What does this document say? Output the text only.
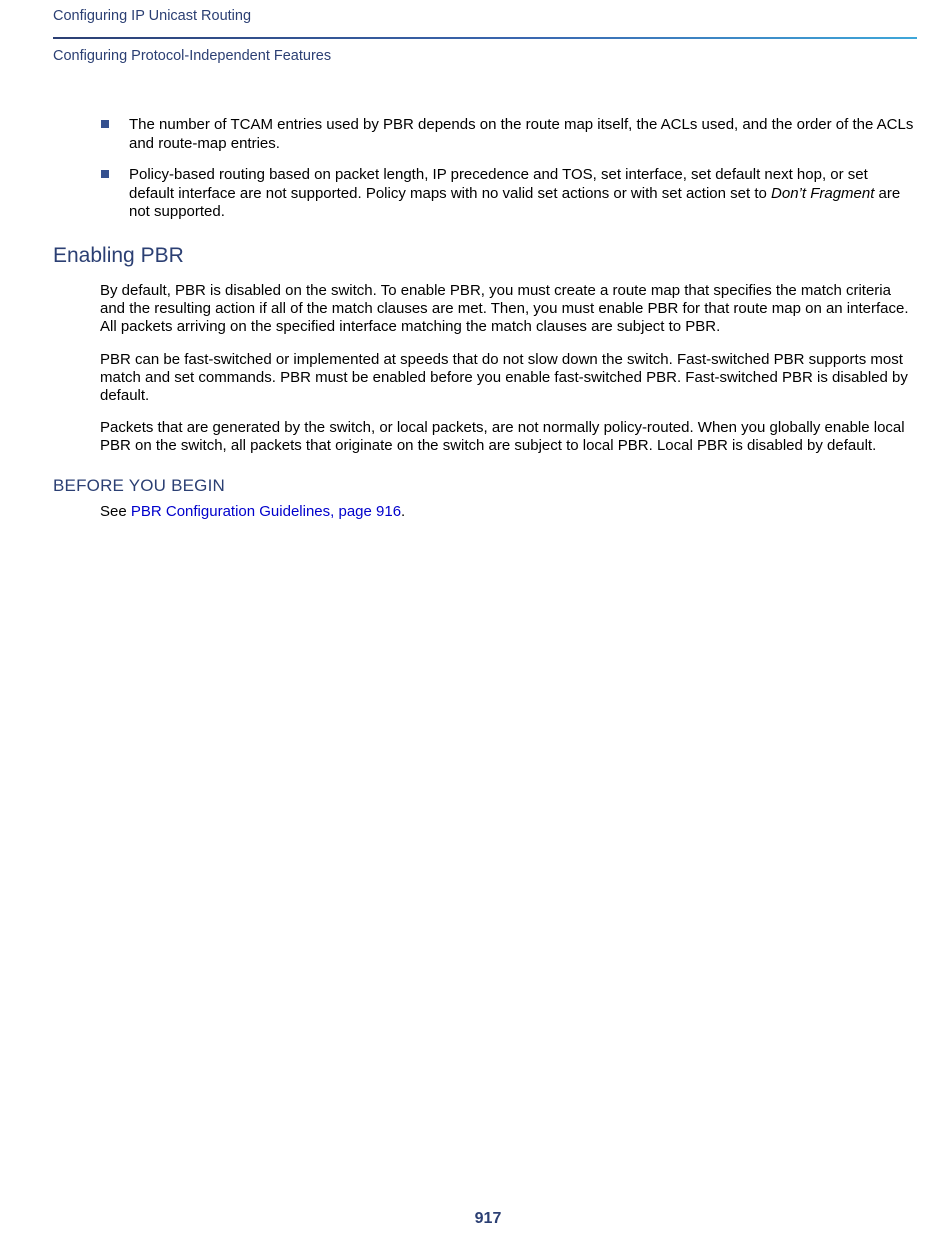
Configuring IP Unicast Routing

Configuring Protocol-Independent Features

The number of TCAM entries used by PBR depends on the route map itself, the ACLs used, and the order of the ACLs and route-map entries.
Policy-based routing based on packet length, IP precedence and TOS, set interface, set default next hop, or set default interface are not supported. Policy maps with no valid set actions or with set action set to Don’t Fragment are not supported.
Enabling PBR

By default, PBR is disabled on the switch. To enable PBR, you must create a route map that specifies the match criteria and the resulting action if all of the match clauses are met. Then, you must enable PBR for that route map on an interface. All packets arriving on the specified interface matching the match clauses are subject to PBR.

PBR can be fast-switched or implemented at speeds that do not slow down the switch. Fast-switched PBR supports most match and set commands. PBR must be enabled before you enable fast-switched PBR. Fast-switched PBR is disabled by default.

Packets that are generated by the switch, or local packets, are not normally policy-routed. When you globally enable local PBR on the switch, all packets that originate on the switch are subject to local PBR. Local PBR is disabled by default.

BEFORE YOU BEGIN

See PBR Configuration Guidelines, page 916.

917
